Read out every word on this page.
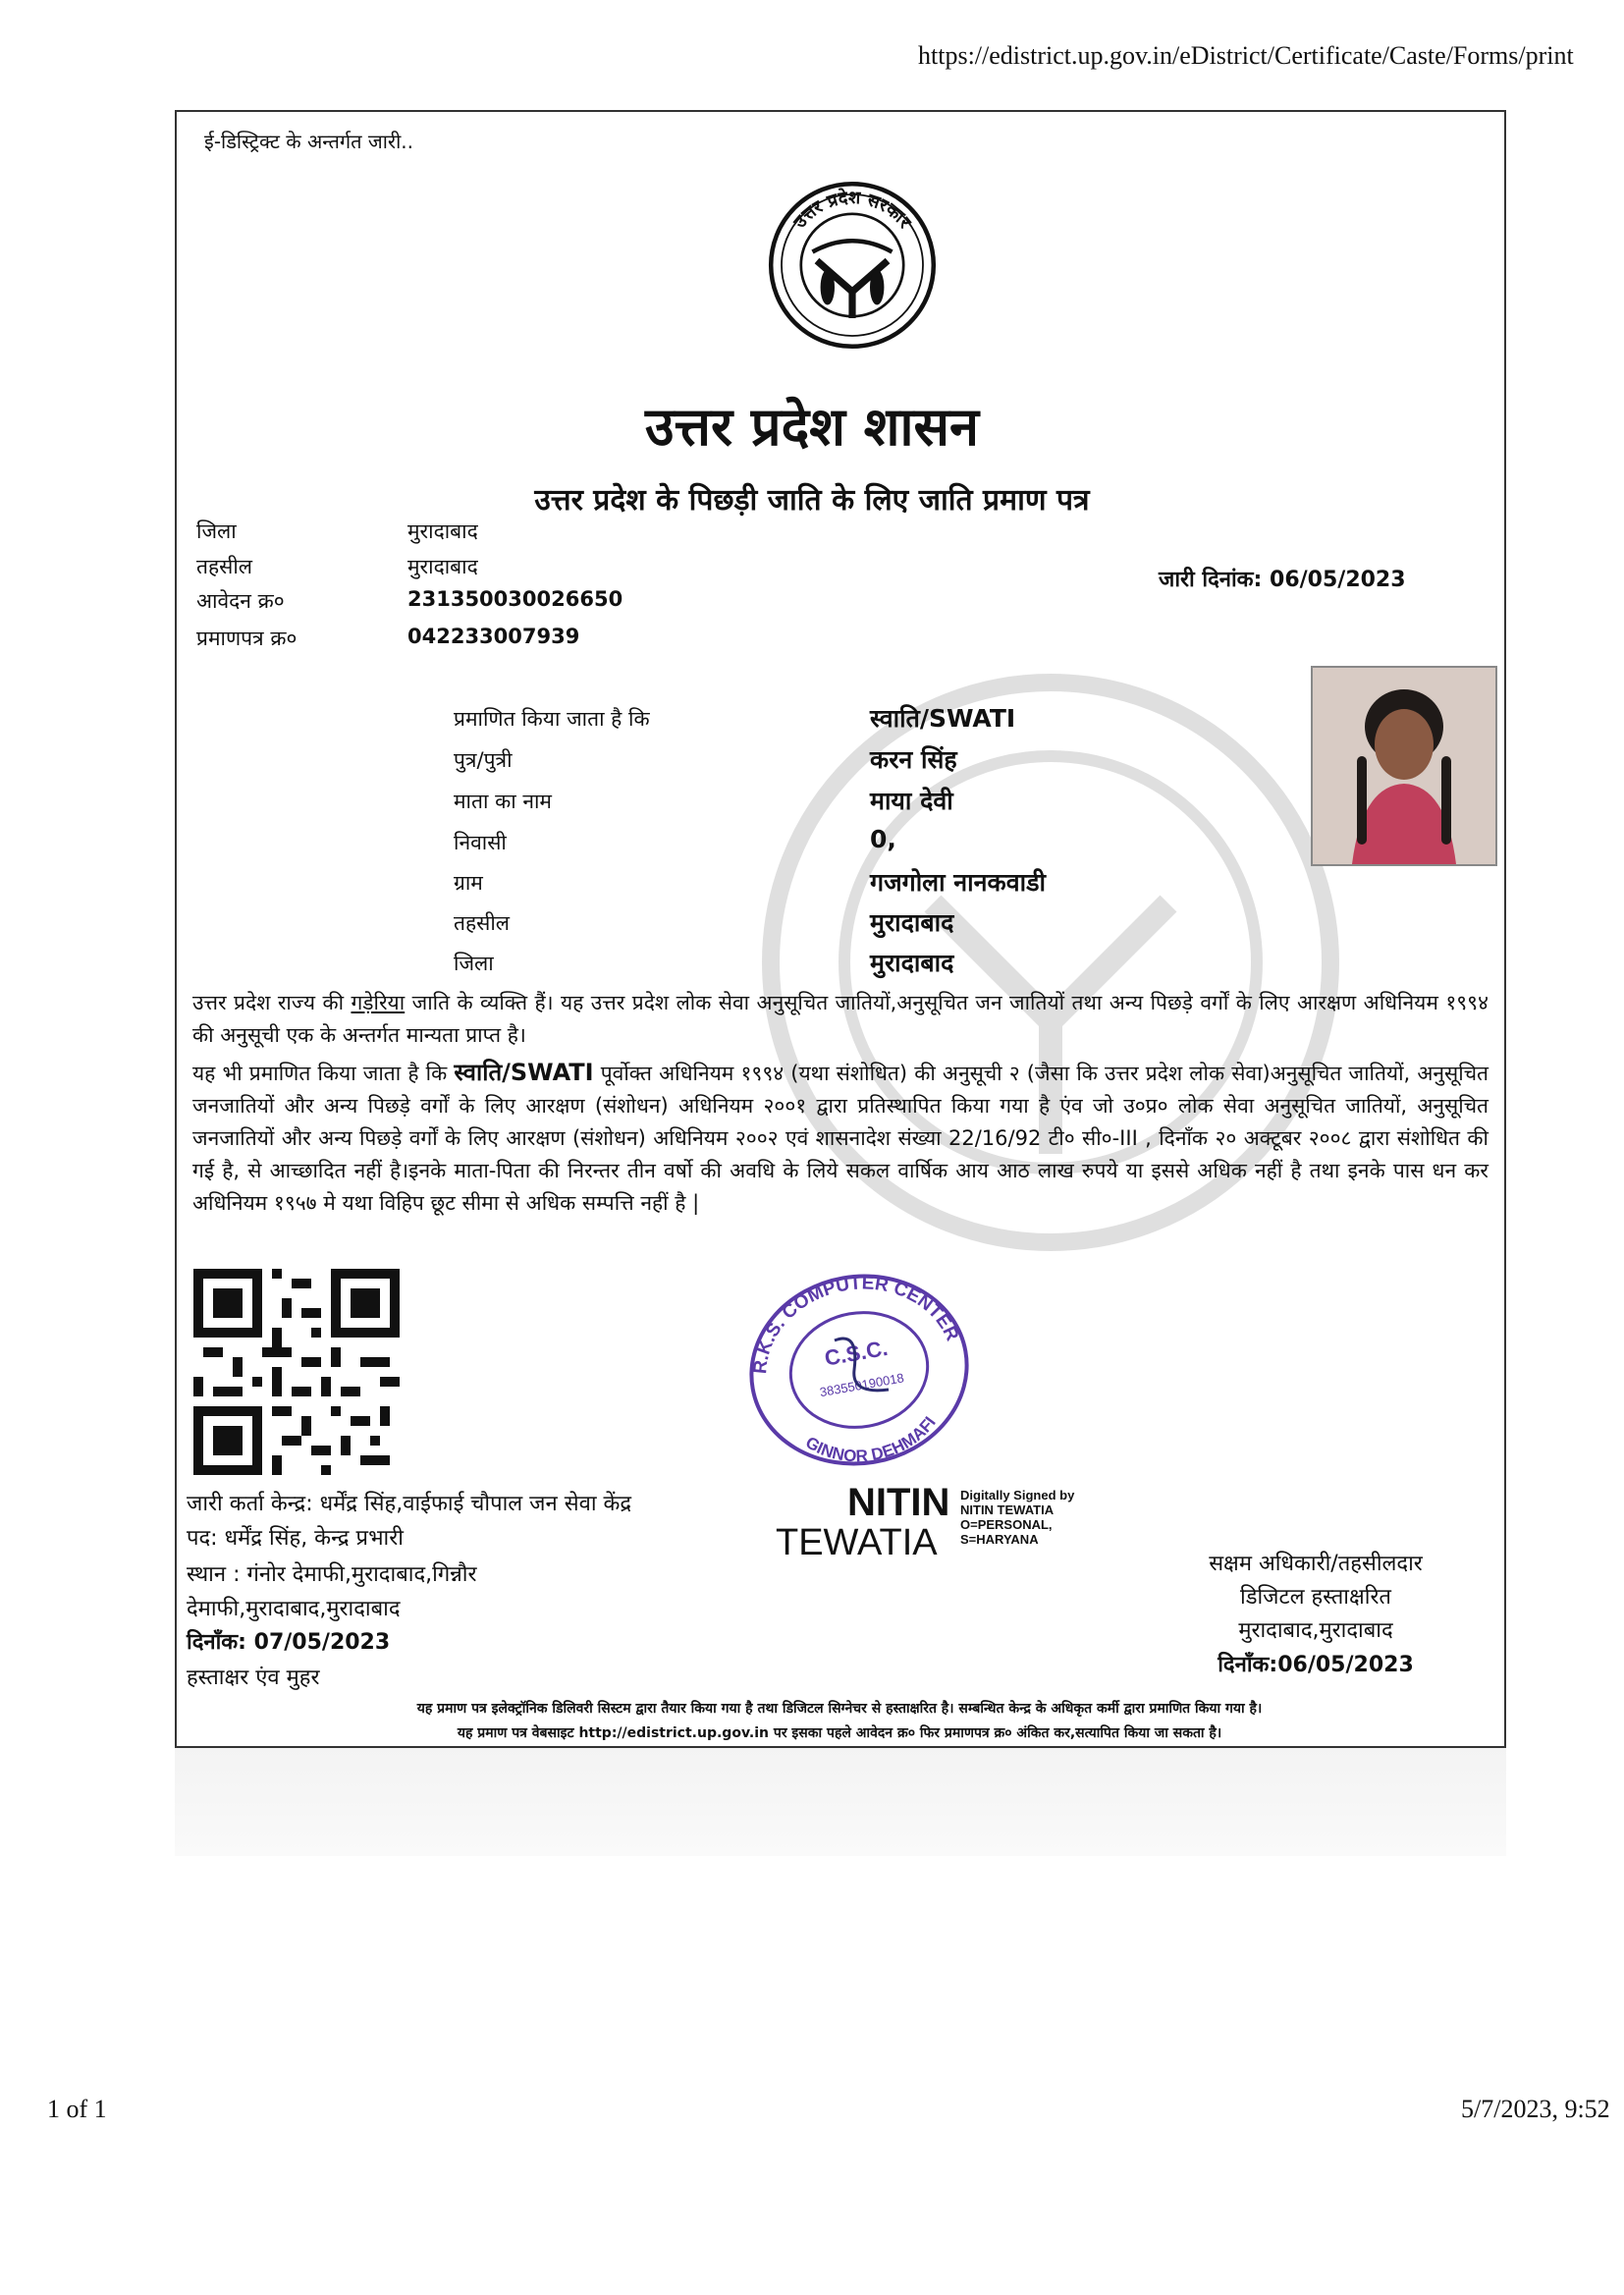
https://edistrict.up.gov.in/eDistrict/Certificate/Caste/Forms/print
1 of 1	5/7/2023, 9:52
ई-डिस्ट्रिक्ट के अन्तर्गत जारी..
उत्तर प्रदेश सरकार
उत्तर प्रदेश शासन
उत्तर प्रदेश के पिछड़ी जाति के लिए जाति प्रमाण पत्र
जिला	मुरादाबाद
तहसील	मुरादाबाद
आवेदन क्र०	231350030026650
प्रमाणपत्र क्र०	042233007939
जारी दिनांक: 06/05/2023
प्रमाणित किया जाता है कि	स्वाति/SWATI
पुत्र/पुत्री	करन सिंह
माता का नाम	माया देवी
निवासी	0,
ग्राम	गजगोला नानकवाडी
तहसील	मुरादाबाद
जिला	मुरादाबाद
उत्तर प्रदेश राज्य की गड़ेरिया जाति के व्यक्ति हैं। यह उत्तर प्रदेश लोक सेवा अनुसूचित जातियों,अनुसूचित जन जातियों तथा अन्य पिछड़े वर्गों के लिए आरक्षण अधिनियम १९९४ की अनुसूची एक के अन्तर्गत मान्यता प्राप्त है।
यह भी प्रमाणित किया जाता है कि स्वाति/SWATI पूर्वोक्त अधिनियम १९९४ (यथा संशोधित) की अनुसूची २ (जैसा कि उत्तर प्रदेश लोक सेवा)अनुसूचित जातियों, अनुसूचित जनजातियों और अन्य पिछड़े वर्गों के लिए आरक्षण (संशोधन) अधिनियम २००१ द्वारा प्रतिस्थापित किया गया है एंव जो उ०प्र० लोक सेवा अनुसूचित जातियों, अनुसूचित जनजातियों और अन्य पिछड़े वर्गों के लिए आरक्षण (संशोधन) अधिनियम २००२ एवं शासनादेश संख्या 22/16/92 टी० सी०-III , दिनाँक २० अक्टूबर २००८ द्वारा संशोधित की गई है, से आच्छादित नहीं है।इनके माता-पिता की निरन्तर तीन वर्षो की अवधि के लिये सकल वार्षिक आय आठ लाख रुपये या इससे अधिक नहीं है तथा इनके पास धन कर अधिनियम १९५७ मे यथा विहिप छूट सीमा से अधिक सम्पत्ति नहीं है |
R.K.S. COMPUTER CENTER
GINNOR DEHMAFI
C.S.C.
383550190018
NITIN
TEWATIA
Digitally Signed by
NITIN TEWATIA
O=PERSONAL,
S=HARYANA
जारी कर्ता केन्द्र: धर्मेंद्र सिंह,वाईफाई चौपाल जन सेवा केंद्र
पद: धर्मेंद्र सिंह, केन्द्र प्रभारी
स्थान : गंनोर देमाफी,मुरादाबाद,गिन्नौर
देमाफी,मुरादाबाद,मुरादाबाद
दिनाँक: 07/05/2023
हस्ताक्षर एंव मुहर
सक्षम अधिकारी/तहसीलदार
डिजिटल हस्ताक्षरित
मुरादाबाद,मुरादाबाद
दिनाँक:06/05/2023
यह प्रमाण पत्र इलेक्ट्रॉनिक डिलिवरी सिस्टम द्वारा तैयार किया गया है तथा डिजिटल सिग्नेचर से हस्ताक्षरित है। सम्बन्धित केन्द्र के अधिकृत कर्मी द्वारा प्रमाणित किया गया है।
यह प्रमाण पत्र वेबसाइट http://edistrict.up.gov.in पर इसका पहले आवेदन क्र० फिर प्रमाणपत्र क्र० अंकित कर,सत्यापित किया जा सकता है।
